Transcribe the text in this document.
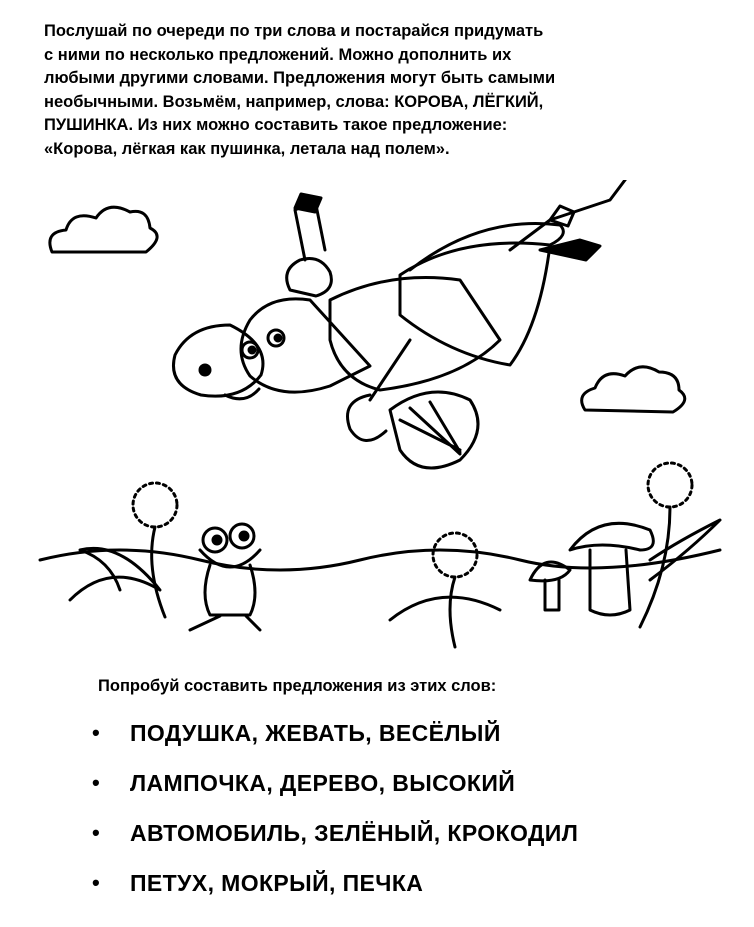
Послушай по очереди по три слова и постарайся придумать
с ними по несколько предложений. Можно дополнить их
любыми другими словами. Предложения могут быть самыми
необычными. Возьмём, например, слова: КОРОВА, ЛЁГКИЙ,
ПУШИНКА. Из них можно составить такое предложение:
«Корова, лёгкая как пушинка, летала над полем».

Попробуй составить предложения из этих слов:

•	ПОДУШКА, ЖЕВАТЬ, ВЕСЁЛЫЙ
•	ЛАМПОЧКА, ДЕРЕВО, ВЫСОКИЙ
•	АВТОМОБИЛЬ, ЗЕЛЁНЫЙ, КРОКОДИЛ
•	ПЕТУХ, МОКРЫЙ, ПЕЧКА
